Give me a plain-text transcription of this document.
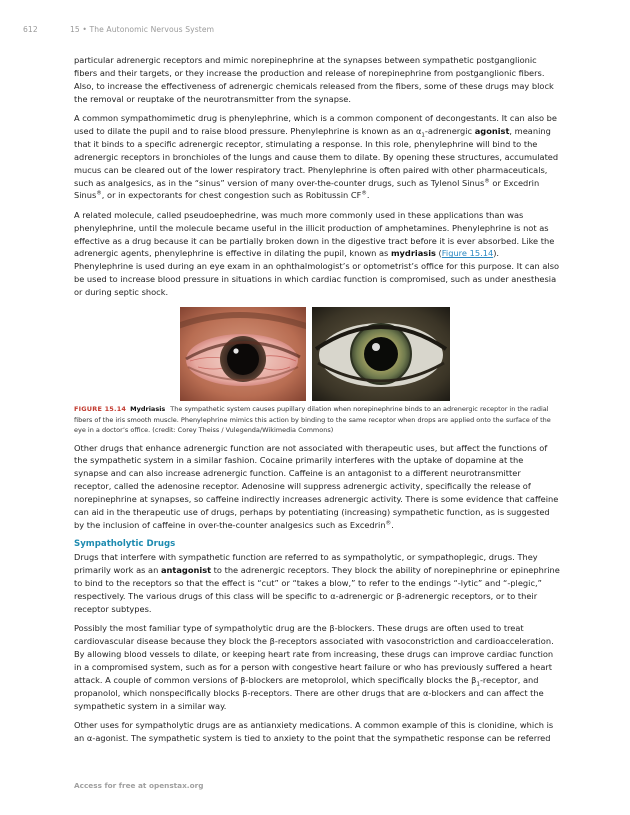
612	15 • The Autonomic Nervous System

particular adrenergic receptors and mimic norepinephrine at the synapses between sympathetic postganglionic fibers and their targets, or they increase the production and release of norepinephrine from postganglionic fibers. Also, to increase the effectiveness of adrenergic chemicals released from the fibers, some of these drugs may block the removal or reuptake of the neurotransmitter from the synapse.

A common sympathomimetic drug is phenylephrine, which is a common component of decongestants. It can also be used to dilate the pupil and to raise blood pressure. Phenylephrine is known as an $\alpha_1$-adrenergic agonist, meaning that it binds to a specific adrenergic receptor, stimulating a response. In this role, phenylephrine will bind to the adrenergic receptors in bronchioles of the lungs and cause them to dilate. By opening these structures, accumulated mucus can be cleared out of the lower respiratory tract. Phenylephrine is often paired with other pharmaceuticals, such as analgesics, as in the “sinus” version of many over-the-counter drugs, such as Tylenol Sinus® or Excedrin Sinus®, or in expectorants for chest congestion such as Robitussin CF®.

A related molecule, called pseudoephedrine, was much more commonly used in these applications than was phenylephrine, until the molecule became useful in the illicit production of amphetamines. Phenylephrine is not as effective as a drug because it can be partially broken down in the digestive tract before it is ever absorbed. Like the adrenergic agents, phenylephrine is effective in dilating the pupil, known as mydriasis (Figure 15.14). Phenylephrine is used during an eye exam in an ophthalmologist’s or optometrist’s office for this purpose. It can also be used to increase blood pressure in situations in which cardiac function is compromised, such as under anesthesia or during septic shock.

FIGURE 15.14 Mydriasis The sympathetic system causes pupillary dilation when norepinephrine binds to an adrenergic receptor in the radial fibers of the iris smooth muscle. Phenylephrine mimics this action by binding to the same receptor when drops are applied onto the surface of the eye in a doctor’s office. (credit: Corey Theiss / Vulegenda/Wikimedia Commons)

Other drugs that enhance adrenergic function are not associated with therapeutic uses, but affect the functions of the sympathetic system in a similar fashion. Cocaine primarily interferes with the uptake of dopamine at the synapse and can also increase adrenergic function. Caffeine is an antagonist to a different neurotransmitter receptor, called the adenosine receptor. Adenosine will suppress adrenergic activity, specifically the release of norepinephrine at synapses, so caffeine indirectly increases adrenergic activity. There is some evidence that caffeine can aid in the therapeutic use of drugs, perhaps by potentiating (increasing) sympathetic function, as is suggested by the inclusion of caffeine in over-the-counter analgesics such as Excedrin®.

Sympatholytic Drugs

Drugs that interfere with sympathetic function are referred to as sympatholytic, or sympathoplegic, drugs. They primarily work as an antagonist to the adrenergic receptors. They block the ability of norepinephrine or epinephrine to bind to the receptors so that the effect is “cut” or “takes a blow,” to refer to the endings “-lytic” and “-plegic,” respectively. The various drugs of this class will be specific to α-adrenergic or β-adrenergic receptors, or to their receptor subtypes.

Possibly the most familiar type of sympatholytic drug are the β-blockers. These drugs are often used to treat cardiovascular disease because they block the β-receptors associated with vasoconstriction and cardioacceleration. By allowing blood vessels to dilate, or keeping heart rate from increasing, these drugs can improve cardiac function in a compromised system, such as for a person with congestive heart failure or who has previously suffered a heart attack. A couple of common versions of β-blockers are metoprolol, which specifically blocks the $\beta_1$-receptor, and propanolol, which nonspecifically blocks β-receptors. There are other drugs that are α-blockers and can affect the sympathetic system in a similar way.

Other uses for sympatholytic drugs are as antianxiety medications. A common example of this is clonidine, which is an α-agonist. The sympathetic system is tied to anxiety to the point that the sympathetic response can be referred

Access for free at openstax.org
